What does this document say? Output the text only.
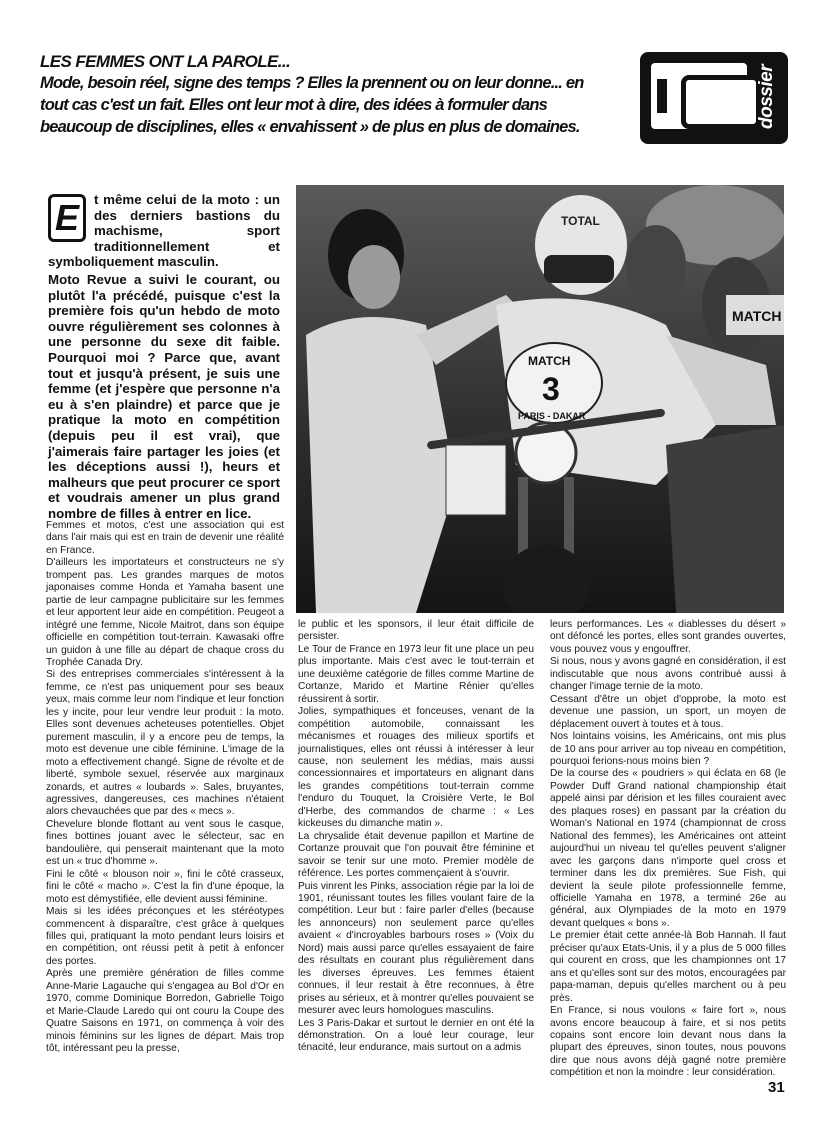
LES FEMMES ONT LA PAROLE...
Mode, besoin réel, signe des temps ? Elles la prennent ou on leur donne... en tout cas c'est un fait. Elles ont leur mot à dire, des idées à formuler dans beaucoup de disciplines, elles « envahissent » de plus en plus de domaines.	dossier

E	t même celui de la moto : un des derniers bastions du machisme, sport traditionnellement et symboliquement masculin.

Moto Revue a suivi le courant, ou plutôt l'a précédé, puisque c'est la première fois qu'un hebdo de moto ouvre régulièrement ses colonnes à une personne du sexe dit faible. Pourquoi moi ? Parce que, avant tout et jusqu'à présent, je suis une femme (et j'espère que personne n'a eu à s'en plaindre) et parce que je pratique la moto en compétition (depuis peu il est vrai), que j'aimerais faire partager les joies (et les déceptions aussi !), heurs et malheurs que peut procurer ce sport et voudrais amener un plus grand nombre de filles à entrer en lice.

TOTAL
MATCH
3
PARIS - DAKAR
MATCH

Femmes et motos, c'est une association qui est dans l'air mais qui est en train de devenir une réalité en France.

D'ailleurs les importateurs et constructeurs ne s'y trompent pas. Les grandes marques de motos japonaises comme Honda et Yamaha basent une partie de leur campagne publicitaire sur les femmes et leur apportent leur aide en compétition. Peugeot a intégré une femme, Nicole Maitrot, dans son équipe officielle en compétition tout-terrain. Kawasaki offre un guidon à une fille au départ de chaque cross du Trophée Canada Dry.

Si des entreprises commerciales s'intéressent à la femme, ce n'est pas uniquement pour ses beaux yeux, mais comme leur nom l'indique et leur fonction les y incite, pour leur vendre leur produit : la moto. Elles sont devenues acheteuses potentielles. Objet purement masculin, il y a encore peu de temps, la moto est devenue une cible féminine. L'image de la moto a effectivement changé. Signe de révolte et de liberté, symbole sexuel, réservée aux marginaux zonards, et autres « loubards ». Sales, bruyantes, agressives, dangereuses, ces machines n'étaient alors chevauchées que par des « mecs ».

Chevelure blonde flottant au vent sous le casque, fines bottines jouant avec le sélecteur, sac en bandoulière, qui penserait maintenant que la moto est un « truc d'homme ».

Fini le côté « blouson noir », fini le côté crasseux, fini le côté « macho ». C'est la fin d'une époque, la moto est démystifiée, elle devient aussi féminine.

Mais si les idées préconçues et les stéréotypes commencent à disparaître, c'est grâce à quelques filles qui, pratiquant la moto pendant leurs loisirs et en compétition, ont réussi petit à petit à enfoncer des portes.

Après une première génération de filles comme Anne-Marie Lagauche qui s'engagea au Bol d'Or en 1970, comme Dominique Borredon, Gabrielle Toigo et Marie-Claude Laredo qui ont couru la Coupe des Quatre Saisons en 1971, on commença à voir des minois féminins sur les lignes de départ. Mais trop tôt, intéressant peu la presse,

le public et les sponsors, il leur était difficile de persister.

Le Tour de France en 1973 leur fit une place un peu plus importante. Mais c'est avec le tout-terrain et une deuxième catégorie de filles comme Martine de Cortanze, Marido et Martine Rénier qu'elles réussirent à sortir.

Jolies, sympathiques et fonceuses, venant de la compétition automobile, connaissant les mécanismes et rouages des milieux sportifs et journalistiques, elles ont réussi à intéresser à leur cause, non seulement les médias, mais aussi concessionnaires et importateurs en alignant dans les grandes compétitions tout-terrain comme l'enduro du Touquet, la Croisière Verte, le Bol d'Herbe, des commandos de charme : « Les kickeuses du dimanche matin ».

La chrysalide était devenue papillon et Martine de Cortanze prouvait que l'on pouvait être féminine et savoir se tenir sur une moto. Premier modèle de référence. Les portes commençaient à s'ouvrir.

Puis vinrent les Pinks, association régie par la loi de 1901, réunissant toutes les filles voulant faire de la compétition. Leur but : faire parler d'elles (because les annonceurs) non seulement parce qu'elles avaient « d'incroyables barbours roses » (Voix du Nord) mais aussi parce qu'elles essayaient de faire des résultats en courant plus régulièrement dans les diverses épreuves. Les femmes étaient connues, il leur restait à être reconnues, à être prises au sérieux, et à montrer qu'elles pouvaient se mesurer avec leurs homologues masculins.

Les 3 Paris-Dakar et surtout le dernier en ont été la démonstration. On a loué leur courage, leur ténacité, leur endurance, mais surtout on a admis

leurs performances. Les « diablesses du désert » ont défoncé les portes, elles sont grandes ouvertes, vous pouvez vous y engouffrer.

Si nous, nous y avons gagné en considération, il est indiscutable que nous avons contribué aussi à changer l'image ternie de la moto.

Cessant d'être un objet d'opprobe, la moto est devenue une passion, un sport, un moyen de déplacement ouvert à toutes et à tous.

Nos lointains voisins, les Américains, ont mis plus de 10 ans pour arriver au top niveau en compétition, pourquoi ferions-nous moins bien ?

De la course des « poudriers » qui éclata en 68 (le Powder Duff Grand national championship était appelé ainsi par dérision et les filles couraient avec des plaques roses) en passant par la création du Woman's National en 1974 (championnat de cross National des femmes), les Américaines ont atteint aujourd'hui un niveau tel qu'elles peuvent s'aligner avec les garçons dans n'importe quel cross et terminer dans les dix premières. Sue Fish, qui devient la seule pilote professionnelle femme, officielle Yamaha en 1978, a terminé 26e au général, aux Olympiades de la moto en 1979 devant quelques « bons ».

Le premier était cette année-là Bob Hannah. Il faut préciser qu'aux Etats-Unis, il y a plus de 5 000 filles qui courent en cross, que les championnes ont 17 ans et qu'elles sont sur des motos, encouragées par papa-maman, depuis qu'elles marchent ou à peu près.

En France, si nous voulons « faire fort », nous avons encore beaucoup à faire, et si nos petits copains sont encore loin devant nous dans la plupart des épreuves, sinon toutes, nous pouvons dire que nous avons déjà gagné notre première compétition et non la moindre : leur considération.

31
